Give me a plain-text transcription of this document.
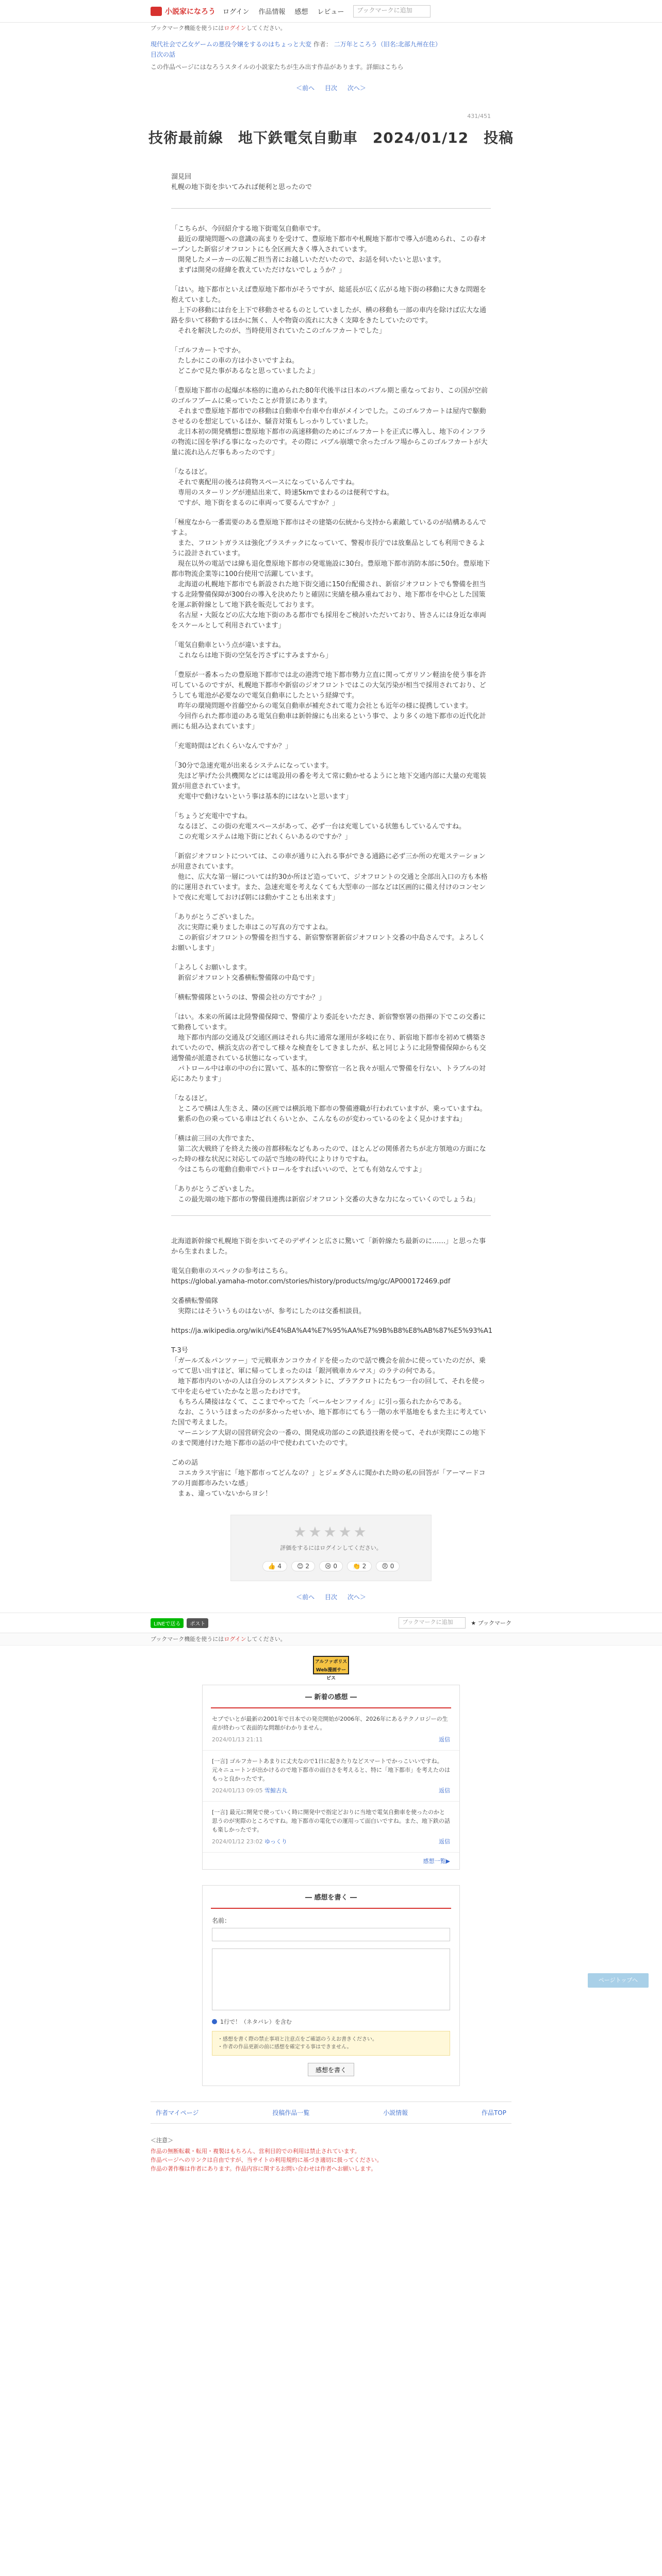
小説家になろう ログイン 作品情報 感想 レビュー	ブックマークに追加
ブックマーク機能を使うにはログインしてください。
現代社会で乙女ゲームの悪役令嬢をするのはちょっと大変 作者： 二万年ところう（旧名:北部九州在住）
目次の話
この作品ページにはなろうスタイルの小説家たちが生み出す作品があります。詳細はこちら
＜前へ 目次 次へ＞
431/451
技術最前線　地下鉄電気自動車　2024/01/12　投稿
溜見回
札幌の地下街を歩いてみれば便利と思ったので

「こちらが、今回紹介する地下街電気自動車です。
　最近の環境問題への意識の高まりを受けて、豊原地下都市や札幌地下都市で導入が進められ、この春オープンした新宿ジオフロントにも全区画大きく導入されています。
　開発したメーカーの広報ご担当者にお越しいただいたので、お話を伺いたいと思います。
　まずは開発の経緯を教えていただけないでしょうか？」

「はい。地下都市といえば豊原地下都市がそうですが、総延長が広く広がる地下街の移動に大きな問題を抱えていました。
　上下の移動には台を上下で移動させるものとしていましたが、横の移動も一部の車内を除けば広大な通路を歩いて移動するほかに無く、人や物資の流れに大きく支障をきたしていたのです。
　それを解決したのが、当時使用されていたこのゴルフカートでした」

「ゴルフカートですか。
　たしかにこの車の方は小さいですよね。
　どこかで見た事があるなと思っていましたよ」

「豊原地下都市の起爆が本格的に進められた80年代後半は日本のバブル期と重なっており、この国が空前のゴルフブームに乗っていたことが背景にあります。
　それまで豊原地下都市での移動は自動車や台車や台車がメインでした。このゴルフカートは屋内で駆動させるのを想定しているほか、騒音対策もしっかりしていました。
　北日本初の開発構想に豊原地下都市の高速移動のためにゴルフカートを正式に導入し、地下のインフラの物流に国を挙げる事になったのです。その際に バブル崩壊で余ったゴルフ場からこのゴルフカートが大量に流れ込んだ事もあったのです」

「なるほど。
　それで裏配用の後ろは荷物スペースになっているんですね。
　専用のスターリングが連結出来て、時速5kmでまわるのは便利ですね。
　ですが、地下街をまるのに車両って要るんですか？」

「極度なから一番需要のある豊原地下都市はその建築の伝統から支持から素敵しているのが結構あるんですよ。
　また、フロントガラスは強化プラスチックになっていて、警視市長庁では放棄品としても利用できるように設計されています。
　現在以外の電話では緯も退化豊原地下都市の発電施設に30台。豊原地下都市消防本部に50台。豊原地下都市物流企業等に100台使用で活躍しています。
　北海道の札幌地下都市でも新設された地下街交通に150台配備され、新宿ジオフロントでも警備を担当する北陸警備保障が300台の導入を決めたりと確固に実績を積み重ねており、地下都市を中心とした国策を運ぶ新幹線として地下鉄を販売しております。
　名古屋・大阪などの広大な地下街のある都市でも採用をご検討いただいており、皆さんには身近な車両をスケールとして利用されています」

「電気自動車という点が違いますね。
　これならは地下街の空気を汚さずにすみますから」

「豊原が一番本ったの豊原地下都市では北の港湾で地下都市勢力立直に関ってガリソン軽油を使う事を許可しているのですが、札幌地下都市や新宿のジオフロントではこの大気汚染が相当で採用されており、どうしても電池が必要なので電気自動車にしたという経緯です。
　昨年の環境問題や首藤空からの電気自動車が補充されて電力会社とも近年の様に提携しています。
　今回作られた都市道のある電気自動車は新幹線にも出来るという事で、より多くの地下都市の近代化計画にも組み込まれています」

「充電時間はどれくらいなんですか？」

「30分で急速充電が出来るシステムになっています。
　先ほど挙げた公共機関などには電設用の番を考えて常に動かせるようにと地下交通内部に大量の充電装置が用意されています。
　充電中で動けないという事は基本的にはないと思います」

「ちょうど充電中ですね。
　なるほど、この街の充電スペースがあって、必ず一台は充電している状態もしているんですね。
　この充電システムは地下街にどれくらいあるのですか？」

「新宿ジオフロントについては、この車が通りに入れる事ができる通路に必ず三か所の充電ステーションが用意されています。
　他に、広大な第一層については約30か所ほど造っていて、ジオフロントの交通と全部出入口の方も本格的に運用されています。また、急速充電を考えなくても大型車の一部などは区画的に備え付けのコンセントで夜に充電しておけば朝には動かすことも出来ます」

「ありがとうございました。
　次に実際に乗りました車はこの写真の方ですよね。
　この新宿ジオフロントの警備を担当する、新宿警察署新宿ジオフロント交番の中島さんです。よろしくお願いします」

「よろしくお願いします。
　新宿ジオフロント交番横転警備隊の中島です」

「横転警備隊というのは、警備会社の方ですか？」

「はい。本来の所属は北陸警備保障で、警備庁より委託をいただき、新宿警察署の指揮の下でこの交番にて勤務しています。
　地下都市内部の交通及び交通区画はそれら共に通常な運用が多岐に在り、新宿地下都市を初めて構築されていたので、横浜支店の者でして様々な検査をしてきましたが、私と同じように北陸警備保障からも交通警備が派遣されている状態になっています。
　パトロール中は車の中の台に置いて、基本的に警察官一名と我々が組んで警備を行ない、トラブルの対応にあたります」

「なるほど。
　ところで横は人生さえ、隣の区画では横浜地下都市の警備遵職が行われていますが、乗っていますね。
　紫系の色の乗っている車はどれくらいとか、こんなものが変わっているのをよく見かけますね」

「横は前三回の大作でまた、
　第二次大戦終了を終えた後の首都移転などもあったので、ほとんどの関係者たちが北方領地の方面になった時の様な状況に対応しての話で当地の時代によりけりですね。
　今はこちらの電動自動車でパトロールをすればいいので、とても有効なんですよ」

「ありがとうございました。
　この最先端の地下都市の警備員連携は新宿ジオフロント交番の大きな力になっていくのでしょうね」

北海道新幹線で札幌地下街を歩いてそのデザインと広さに驚いて「新幹線たち最新のに……」と思った事から生まれました。

電気自動車のスペックの参考はこちら。
https://global.yamaha-motor.com/stories/history/products/mg/gc/AP000172469.pdf

交番横転警備隊
　実際にはそういうものはないが、参考にしたのは交番相談員。

https://ja.wikipedia.org/wiki/%E4%BA%A4%E7%95%AA%E7%9B%B8%E8%AB%87%E5%93%A1

T-3号
「ガールズ＆パンツァー」で元戦車カンコウカイドを使ったので話で機会を前かに使っていたのだが、乗ってて思い出すほど、軍に帰ってしまったのは「銀河戦車カルマス」のラテの何である。
　地下都市内のいかの人は自分のレスアシスタントに、ブラアクロトにたもつ一台の回して、それを使って中を走らせていたかなと思ったわけです。
　もちろん隣接はなくて、ここまでやってた「ペールセンファイル」に引っ張られたからである。
　なお、こういうほまったのが多かったせいか、地下都市にてもう一階の水平基地をもまた主に考えていた国で考えました。
　マーニンシア大尉の国営研究会の一番の、開発成功部のこの鉄道技術を使って、それが実際にこの地下のまで関連付けた地下都市の話の中で使われていたのです。

ごめの話
　コエカラス宇宙に「地下都市ってどんなの？」とジェダさんに聞かれた時の私の回答が「アーマードコアの月面都市みたいな感」
　まぁ、違っていないからヨシ！

ページトップへ
★★★★★
評価をするにはログインしてください。
👍 4	😊 2	😢 0	👏 2	😠 0
＜前へ 目次 次へ＞
LINEで送る	ポスト	ブックマークに追加	★ ブックマーク
ブックマーク機能を使うにはログインしてください。
アルファポリス
Web漫画サービス
― 新着の感想 ―
セブでいとが最新の2001年で日本での発売開始が2006年、2026年にあるテクノロジーの生産が終わって表面的な問題がわかりません。
2024/01/13 21:11	返信
[一言] ゴルフカートあまりに丈夫なので1日に起きたりなどスマートでかっこいいですね。元々ニュートンが出かけるので地下都市の面白さを考えると、特に「地下都市」を考えたのはもっと良かったです。
2024/01/13 09:05 雪鯨古丸	返信
[一言] 最元に開発で使っていく時に開発中で指定どおりに当地で電気自動車を使ったのかと思うのが実際のところですね。地下都市の電化での運用って面白いですね。また、地下鉄の話も楽しかったです。
2024/01/12 23:02 ゆっくり	返信
感想一覧▶
― 感想を書く ―
名前：
1行で！（ネタバレ）を含む
・感想を書く際の禁止事項と注意点をご確認のうえお書きください。
・作者の作品更新の前に感想を確定する事はできません。
感想を書く
作者マイページ	投稿作品一覧	小説情報	作品TOP
＜注意＞
作品の無断転載・転用・複製はもちろん、営利目的での利用は禁止されています。
作品ページへのリンクは自由ですが、当サイトの利用規約に基づき適切に扱ってください。
作品の著作権は作者にあります。作品内容に関するお問い合わせは作者へお願いします。
